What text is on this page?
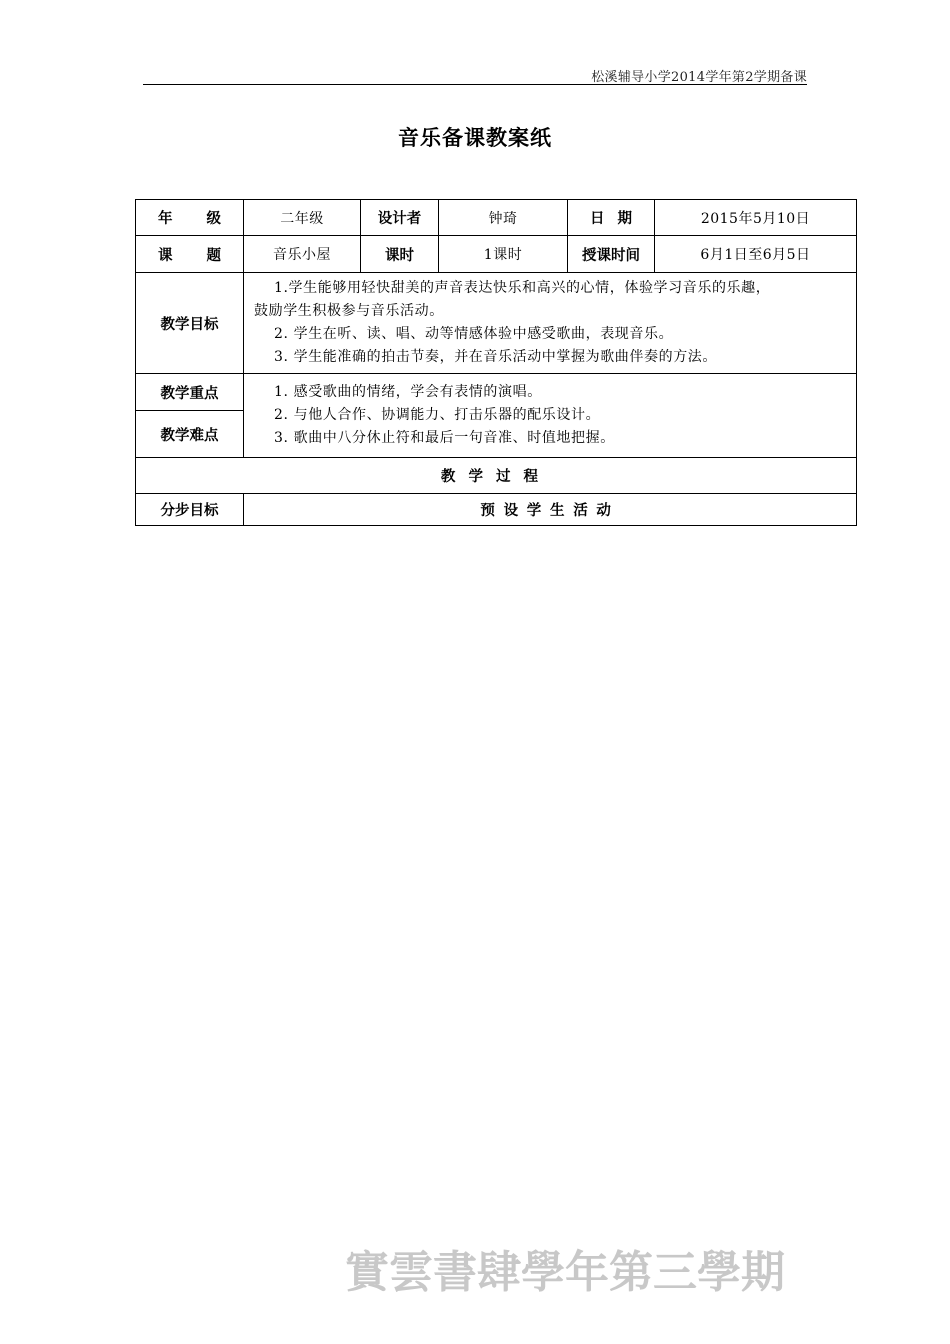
松溪辅导小学2014学年第2学期备课
音乐备课教案纸
年 级	二年级	设计者	钟琦	日 期	2015年5月10日

课 题	音乐小屋	课时	1课时	授课时间	6月1日至6月5日
教学目标	1.学生能够用轻快甜美的声音表达快乐和高兴的心情，体验学习音乐的乐趣，
鼓励学生积极参与音乐活动。
2. 学生在听、读、唱、动等情感体验中感受歌曲，表现音乐。
3. 学生能准确的拍击节奏，并在音乐活动中掌握为歌曲伴奏的方法。				

教学重点	1. 感受歌曲的情绪，学会有表情的演唱。
2. 与他人合作、协调能力、打击乐器的配乐设计。
3. 歌曲中八分休止符和最后一句音准、时值地把握。				

教学难点					
教学过程					
分步目标	预设学生活动				
實雲書肆學年第三學期
